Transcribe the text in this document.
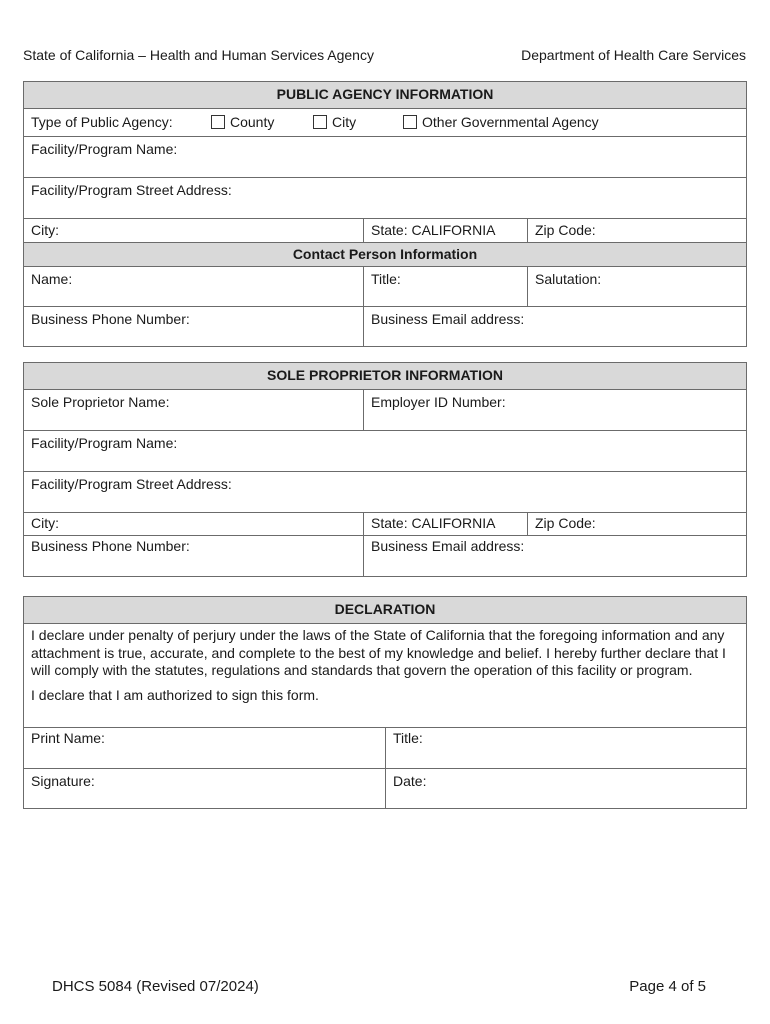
State of California – Health and Human Services Agency	Department of Health Care Services
PUBLIC AGENCY INFORMATION
Type of Public Agency:	County	City	Other Governmental Agency
Facility/Program Name:
Facility/Program Street Address:
City:	State: CALIFORNIA	Zip Code:
Contact Person Information
Name:	Title:	Salutation:
Business Phone Number:	Business Email address:
SOLE PROPRIETOR INFORMATION
Sole Proprietor Name:	Employer ID Number:
Facility/Program Name:
Facility/Program Street Address:
City:	State: CALIFORNIA	Zip Code:
Business Phone Number:	Business Email address:
DECLARATION

I declare under penalty of perjury under the laws of the State of California that the foregoing information and any attachment is true, accurate, and complete to the best of my knowledge and belief. I hereby further declare that I will comply with the statutes, regulations and standards that govern the operation of this facility or program.

I declare that I am authorized to sign this form.

Print Name:	Title:
Signature:	Date:
DHCS 5084 (Revised 07/2024)	Page 4 of 5
